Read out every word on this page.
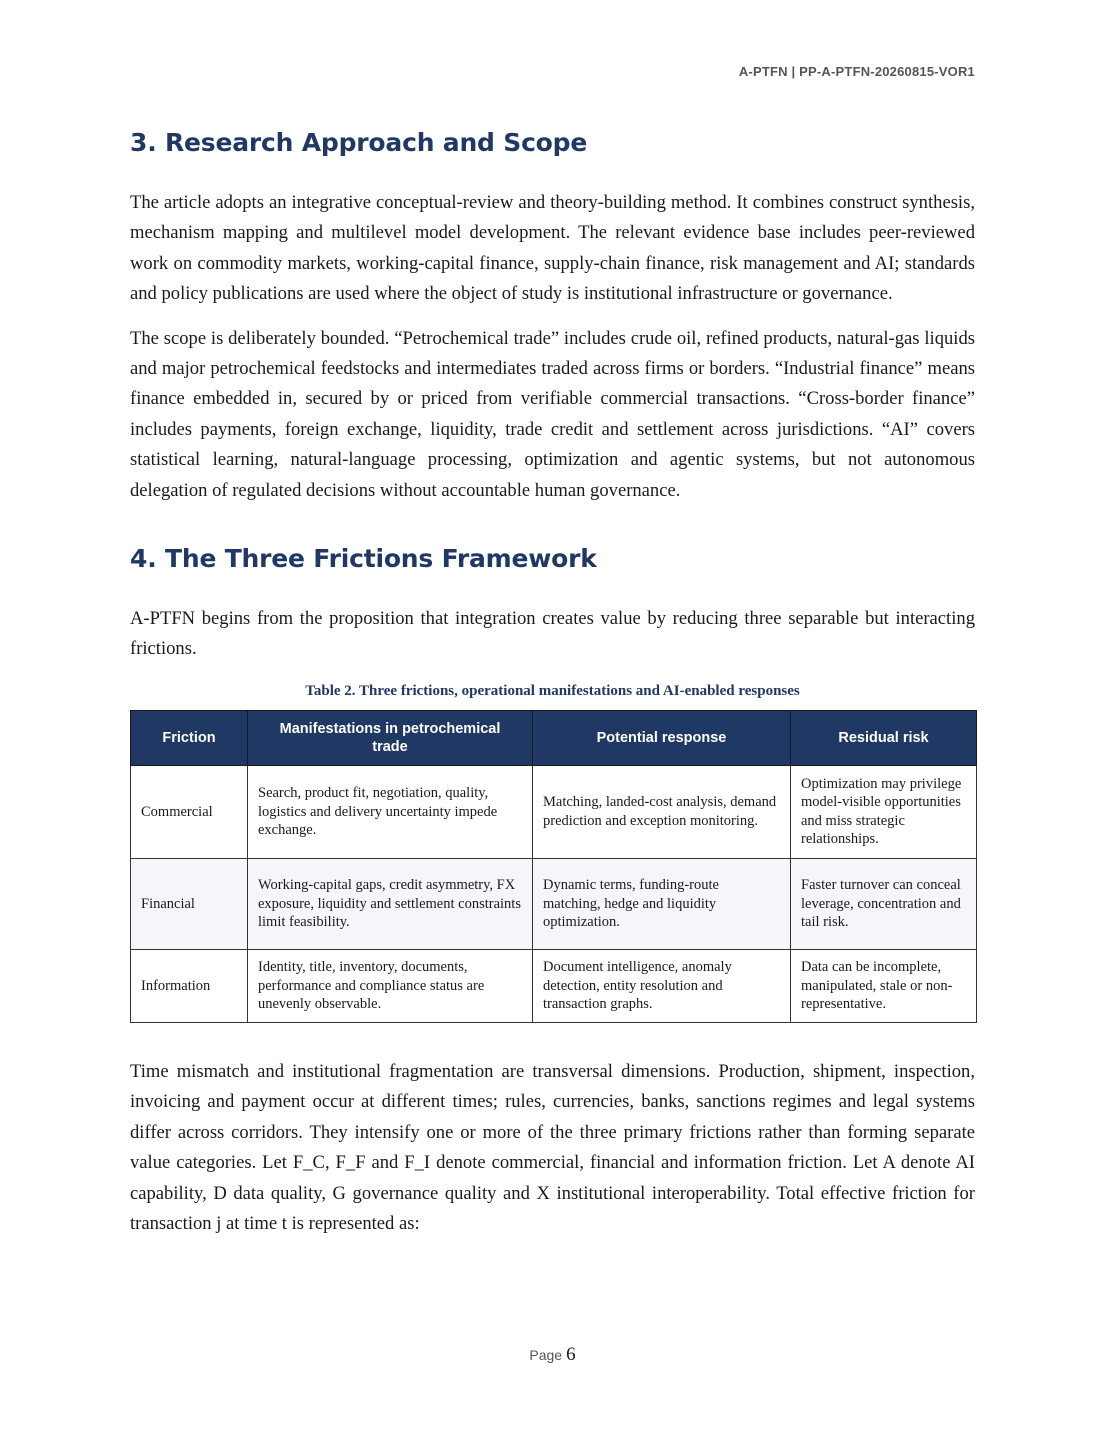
A-PTFN | PP-A-PTFN-20260815-VOR1
3. Research Approach and Scope

The article adopts an integrative conceptual-review and theory-building method. It combines construct synthesis, mechanism mapping and multilevel model development. The relevant evidence base includes peer-reviewed work on commodity markets, working-capital finance, supply-chain finance, risk management and AI; standards and policy publications are used where the object of study is institutional infrastructure or governance.

The scope is deliberately bounded. “Petrochemical trade” includes crude oil, refined products, natural-gas liquids and major petrochemical feedstocks and intermediates traded across firms or borders. “Industrial finance” means finance embedded in, secured by or priced from verifiable commercial transactions. “Cross-border finance” includes payments, foreign exchange, liquidity, trade credit and settlement across jurisdictions. “AI” covers statistical learning, natural-language processing, optimization and agentic systems, but not autonomous delegation of regulated decisions without accountable human governance.

4. The Three Frictions Framework

A-PTFN begins from the proposition that integration creates value by reducing three separable but interacting frictions.

Table 2. Three frictions, operational manifestations and AI-enabled responses
Friction	Manifestations in petrochemical trade	Potential response	Residual risk
Commercial	Search, product fit, negotiation, quality, logistics and delivery uncertainty impede exchange.	Matching, landed-cost analysis, demand prediction and exception monitoring.	Optimization may privilege model-visible opportunities and miss strategic relationships.
Financial	Working-capital gaps, credit asymmetry, FX exposure, liquidity and settlement constraints limit feasibility.	Dynamic terms, funding-route matching, hedge and liquidity optimization.	Faster turnover can conceal leverage, concentration and tail risk.
Information	Identity, title, inventory, documents, performance and compliance status are unevenly observable.	Document intelligence, anomaly detection, entity resolution and transaction graphs.	Data can be incomplete, manipulated, stale or non-representative.

Time mismatch and institutional fragmentation are transversal dimensions. Production, shipment, inspection, invoicing and payment occur at different times; rules, currencies, banks, sanctions regimes and legal systems differ across corridors. They intensify one or more of the three primary frictions rather than forming separate value categories. Let F_C, F_F and F_I denote commercial, financial and information friction. Let A denote AI capability, D data quality, G governance quality and X institutional interoperability. Total effective friction for transaction j at time t is represented as:

Page 6
